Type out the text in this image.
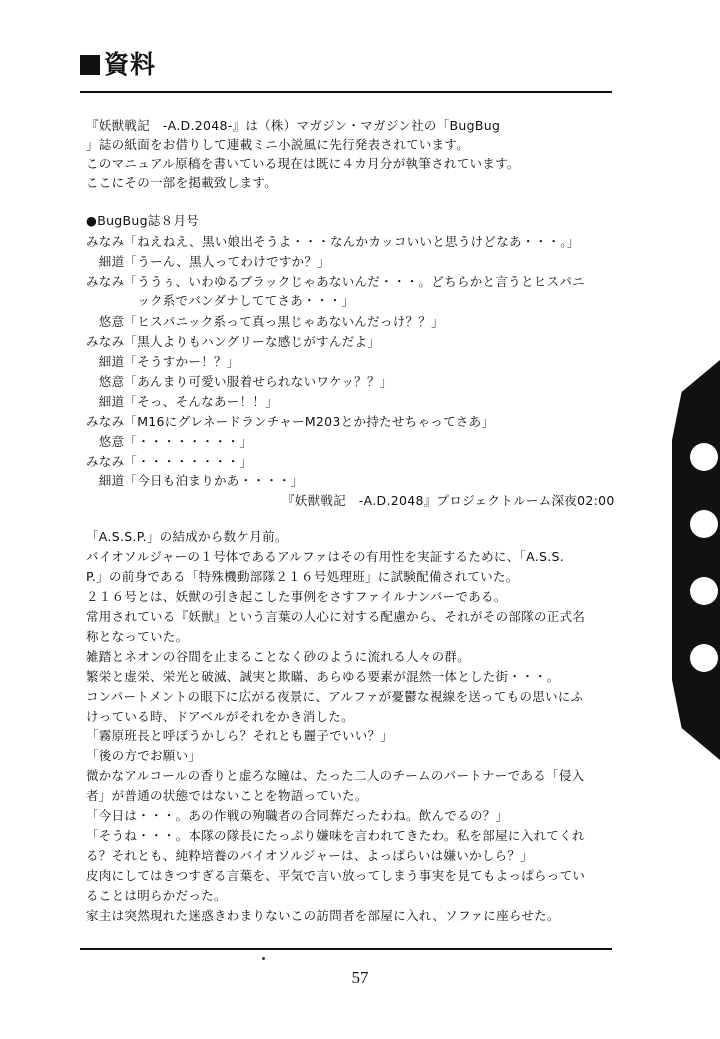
資料
『妖獣戦記　-A.D.2048-』は（株）マガジン・マガジン社の「BugBug
」誌の紙面をお借りして連載ミニ小説風に先行発表されています。
このマニュアル原稿を書いている現在は既に４カ月分が執筆されています。
ここにその一部を掲載致します。
●BugBug誌８月号
みなみ「ねえねえ、黒い娘出そうよ・・・なんかカッコいいと思うけどなあ・・・。」
　細道「うーん、黒人ってわけですか？」
みなみ「ううぅ、いわゆるブラックじゃあないんだ・・・。どちらかと言うとヒスパニ
　　　　ック系でバンダナしててさあ・・・」
　悠意「ヒスパニック系って真っ黒じゃあないんだっけ？？」
みなみ「黒人よりもハングリーな感じがすんだよ」
　細道「そうすかー！？」
　悠意「あんまり可愛い服着せられないワケッ？？」
　細道「そっ、そんなあー！！」
みなみ「M16にグレネードランチャーM203とか持たせちゃってさあ」
　悠意「・・・・・・・・」
みなみ「・・・・・・・・」
　細道「今日も泊まりかあ・・・・」
『妖獣戦記　-A.D.2048』プロジェクトルーム深夜02:00
「A.S.S.P.」の結成から数ケ月前。
バイオソルジャーの１号体であるアルファはその有用性を実証するために、「A.S.S.
P.」の前身である「特殊機動部隊２１６号処理班」に試験配備されていた。
２１６号とは、妖獣の引き起こした事例をさすファイルナンバーである。
常用されている『妖獣』という言葉の人心に対する配慮から、それがその部隊の正式名
称となっていた。
雑踏とネオンの谷間を止まることなく砂のように流れる人々の群。
繁栄と虚栄、栄光と破滅、誠実と欺瞞、あらゆる要素が混然一体とした街・・・。
コンパートメントの眼下に広がる夜景に、アルファが憂鬱な視線を送ってもの思いにふ
けっている時、ドアベルがそれをかき消した。
「霧原班長と呼ぼうかしら？それとも麗子でいい？」
「後の方でお願い」
微かなアルコールの香りと虚ろな瞳は、たった二人のチームのパートナーである「侵入
者」が普通の状態ではないことを物語っていた。
「今日は・・・。あの作戦の殉職者の合同葬だったわね。飲んでるの？」
「そうね・・・。本隊の隊長にたっぷり嫌味を言われてきたわ。私を部屋に入れてくれ
る？それとも、純粋培養のバイオソルジャーは、よっぱらいは嫌いかしら？」
皮肉にしてはきつすぎる言葉を、平気で言い放ってしまう事実を見てもよっぱらってい
ることは明らかだった。
家主は突然現れた迷惑きわまりないこの訪問者を部屋に入れ、ソファに座らせた。
57
